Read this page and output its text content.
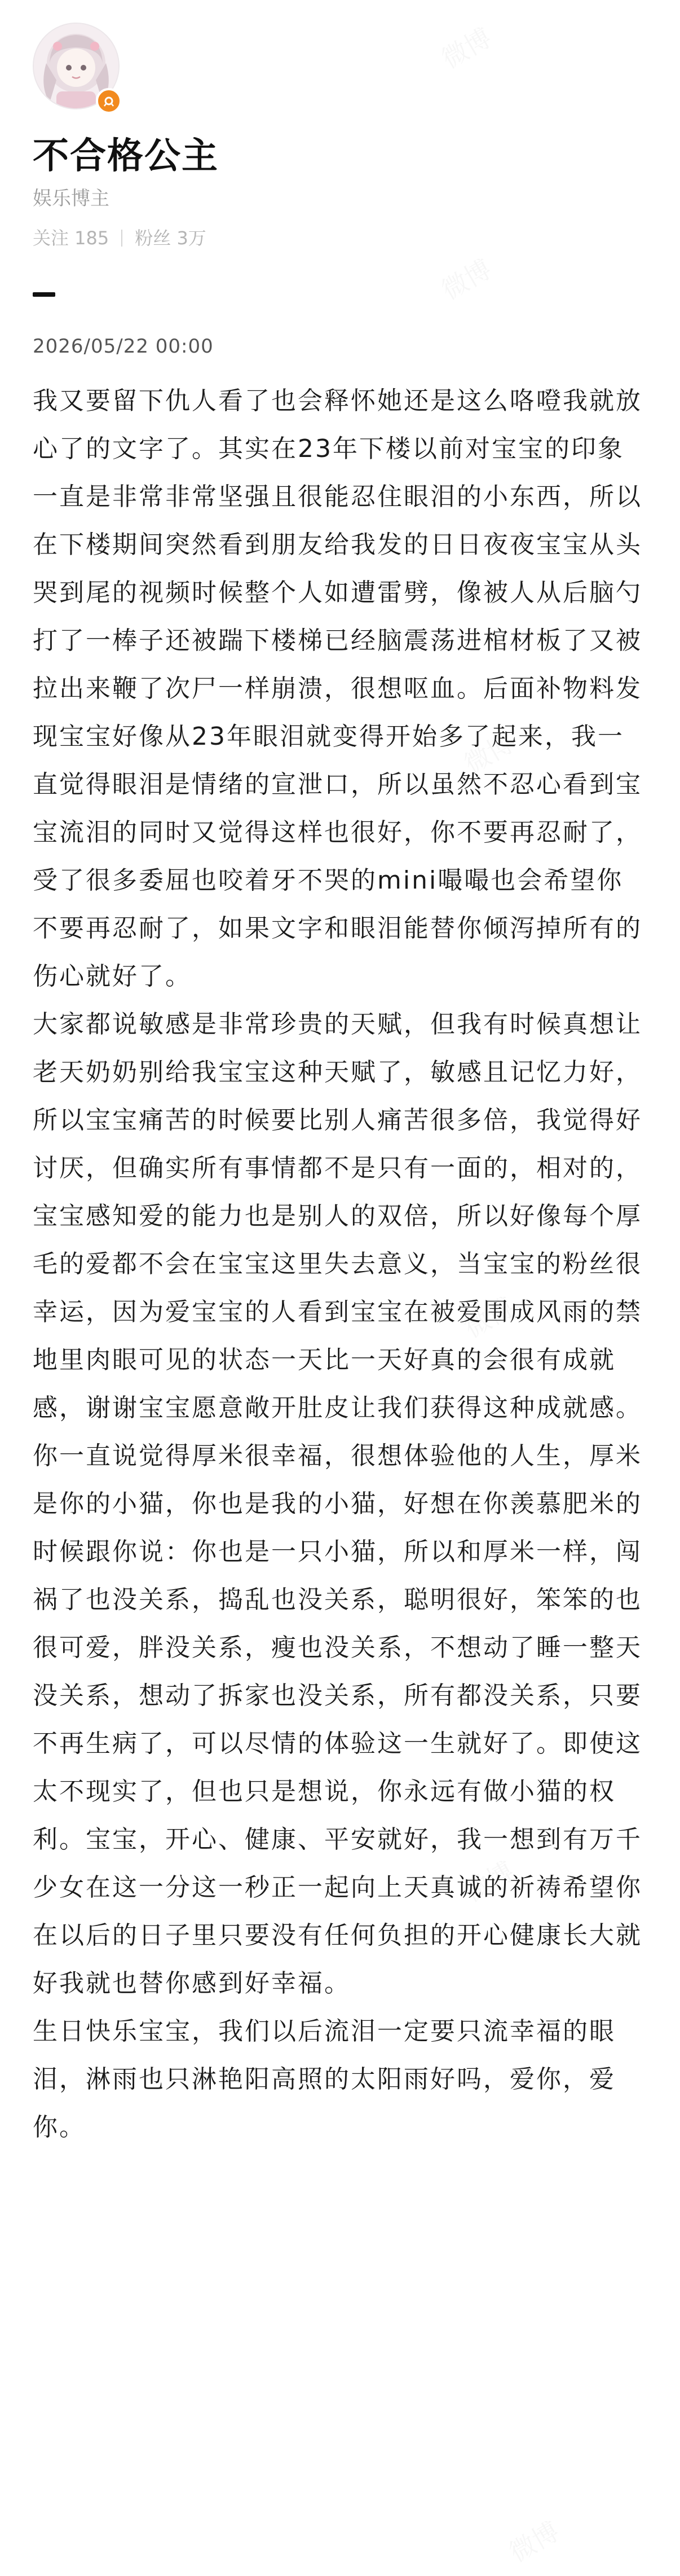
不合格公主
娱乐博主
关注 185 粉丝 3万
2026/05/22 00:00

我又要留下仇人看了也会释怀她还是这么咯噔我就放心了的文字了。其实在23年下楼以前对宝宝的印象一直是非常非常坚强且很能忍住眼泪的小东西，所以在下楼期间突然看到朋友给我发的日日夜夜宝宝从头哭到尾的视频时候整个人如遭雷劈，像被人从后脑勺打了一棒子还被踹下楼梯已经脑震荡进棺材板了又被拉出来鞭了次尸一样崩溃，很想呕血。后面补物料发现宝宝好像从23年眼泪就变得开始多了起来，我一直觉得眼泪是情绪的宣泄口，所以虽然不忍心看到宝宝流泪的同时又觉得这样也很好，你不要再忍耐了，受了很多委屈也咬着牙不哭的mini嘬嘬也会希望你不要再忍耐了，如果文字和眼泪能替你倾泻掉所有的伤心就好了。

大家都说敏感是非常珍贵的天赋，但我有时候真想让老天奶奶别给我宝宝这种天赋了，敏感且记忆力好，所以宝宝痛苦的时候要比别人痛苦很多倍，我觉得好讨厌，但确实所有事情都不是只有一面的，相对的，宝宝感知爱的能力也是别人的双倍，所以好像每个厚毛的爱都不会在宝宝这里失去意义，当宝宝的粉丝很幸运，因为爱宝宝的人看到宝宝在被爱围成风雨的禁地里肉眼可见的状态一天比一天好真的会很有成就感，谢谢宝宝愿意敞开肚皮让我们获得这种成就感。

你一直说觉得厚米很幸福，很想体验他的人生，厚米是你的小猫，你也是我的小猫，好想在你羡慕肥米的时候跟你说：你也是一只小猫，所以和厚米一样，闯祸了也没关系，捣乱也没关系，聪明很好，笨笨的也很可爱，胖没关系，瘦也没关系，不想动了睡一整天没关系，想动了拆家也没关系，所有都没关系，只要不再生病了，可以尽情的体验这一生就好了。即使这太不现实了，但也只是想说，你永远有做小猫的权利。宝宝，开心、健康、平安就好，我一想到有万千少女在这一分这一秒正一起向上天真诚的祈祷希望你在以后的日子里只要没有任何负担的开心健康长大就好我就也替你感到好幸福。

生日快乐宝宝，我们以后流泪一定要只流幸福的眼泪，淋雨也只淋艳阳高照的太阳雨好吗，爱你，爱你。
